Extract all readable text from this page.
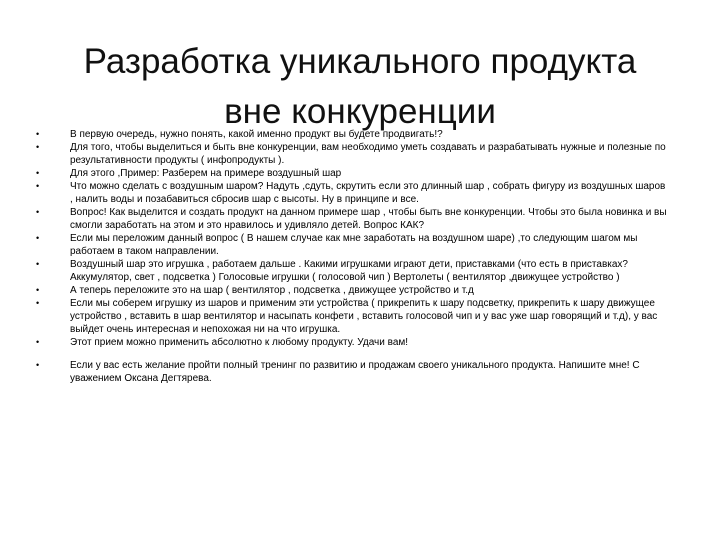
Разработка уникального продукта
вне конкуренции
•	В первую очередь, нужно понять, какой именно продукт вы будете продвигать!?
•	Для того, чтобы выделиться и быть вне конкуренции, вам необходимо уметь создавать и разрабатывать нужные и полезные по результативности продукты ( инфопродукты ).
•	Для этого ,Пример: Разберем на примере воздушный шар
•	Что можно сделать с воздушным шаром? Надуть ,сдуть, скрутить если это длинный шар , собрать фигуру из воздушных шаров , налить воды и позабавиться сбросив шар с высоты. Ну в принципе и все.
•	Вопрос! Как выделится и создать продукт на данном примере шар , чтобы быть вне конкуренции. Чтобы это была новинка и вы смогли заработать на этом и это нравилось и удивляло детей. Вопрос КАК?
•	Если мы переложим данный вопрос ( В нашем случае как мне заработать на воздушном шаре) ,то следующим шагом мы работаем в таком направлении.
•	Воздушный шар это игрушка , работаем дальше . Какими игрушками играют дети, приставками (что есть в приставках? Аккумулятор, свет , подсветка ) Голосовые игрушки ( голосовой чип ) Вертолеты ( вентилятор ,движущее устройство )
•	А теперь переложите это на шар ( вентилятор , подсветка , движущее устройство и т.д
•	Если мы соберем игрушку из шаров и применим эти устройства ( прикрепить к шару подсветку, прикрепить к шару движущее устройство , вставить в шар вентилятор и насыпать конфети , вставить голосовой чип и у вас уже шар говорящий и т.д), у вас выйдет очень интересная и непохожая ни на что игрушка.
•	Этот прием можно применить абсолютно к любому продукту. Удачи вам!
•	Если у вас есть желание пройти полный тренинг по развитию и продажам своего уникального продукта. Напишите мне! С уважением Оксана Дегтярева.
